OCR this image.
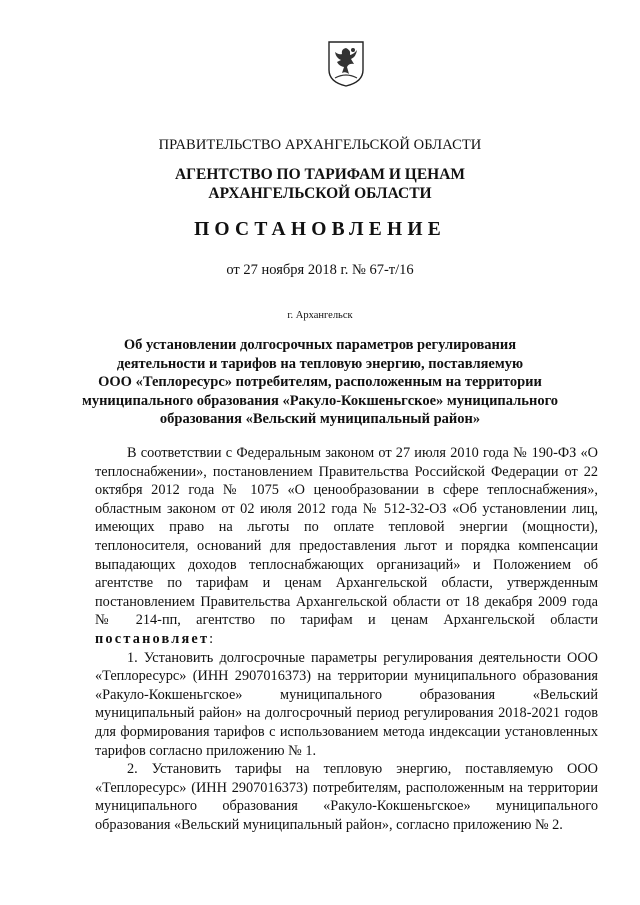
ПРАВИТЕЛЬСТВО АРХАНГЕЛЬСКОЙ ОБЛАСТИ
АГЕНТСТВО ПО ТАРИФАМ И ЦЕНАМ
АРХАНГЕЛЬСКОЙ ОБЛАСТИ
ПОСТАНОВЛЕНИЕ
от 27 ноября 2018 г. № 67-т/16
г. Архангельск
Об установлении долгосрочных параметров регулирования
деятельности и тарифов на тепловую энергию, поставляемую
ООО «Теплоресурс» потребителям, расположенным на территории
муниципального образования «Ракуло-Кокшеньгское» муниципального
образования «Вельский муниципальный район»

В соответствии с Федеральным законом от 27 июля 2010 года № 190-ФЗ «О теплоснабжении», постановлением Правительства Российской Федерации от 22 октября 2012 года № 1075 «О ценообразовании в сфере теплоснабжения», областным законом от 02 июля 2012 года № 512-32-ОЗ «Об установлении лиц, имеющих право на льготы по оплате тепловой энергии (мощности), теплоносителя, оснований для предоставления льгот и порядка компенсации выпадающих доходов теплоснабжающих организаций» и Положением об агентстве по тарифам и ценам Архангельской области, утвержденным постановлением Правительства Архангельской области от 18 декабря 2009 года № 214-пп, агентство по тарифам и ценам Архангельской области постановляет:

1. Установить долгосрочные параметры регулирования деятельности ООО «Теплоресурс» (ИНН 2907016373) на территории муниципального образования «Ракуло-Кокшеньгское» муниципального образования «Вельский муниципальный район» на долгосрочный период регулирования 2018-2021 годов для формирования тарифов с использованием метода индексации установленных тарифов согласно приложению № 1.

2. Установить тарифы на тепловую энергию, поставляемую ООО «Теплоресурс» (ИНН 2907016373) потребителям, расположенным на территории муниципального образования «Ракуло-Кокшеньгское» муниципального образования «Вельский муниципальный район», согласно приложению № 2.
